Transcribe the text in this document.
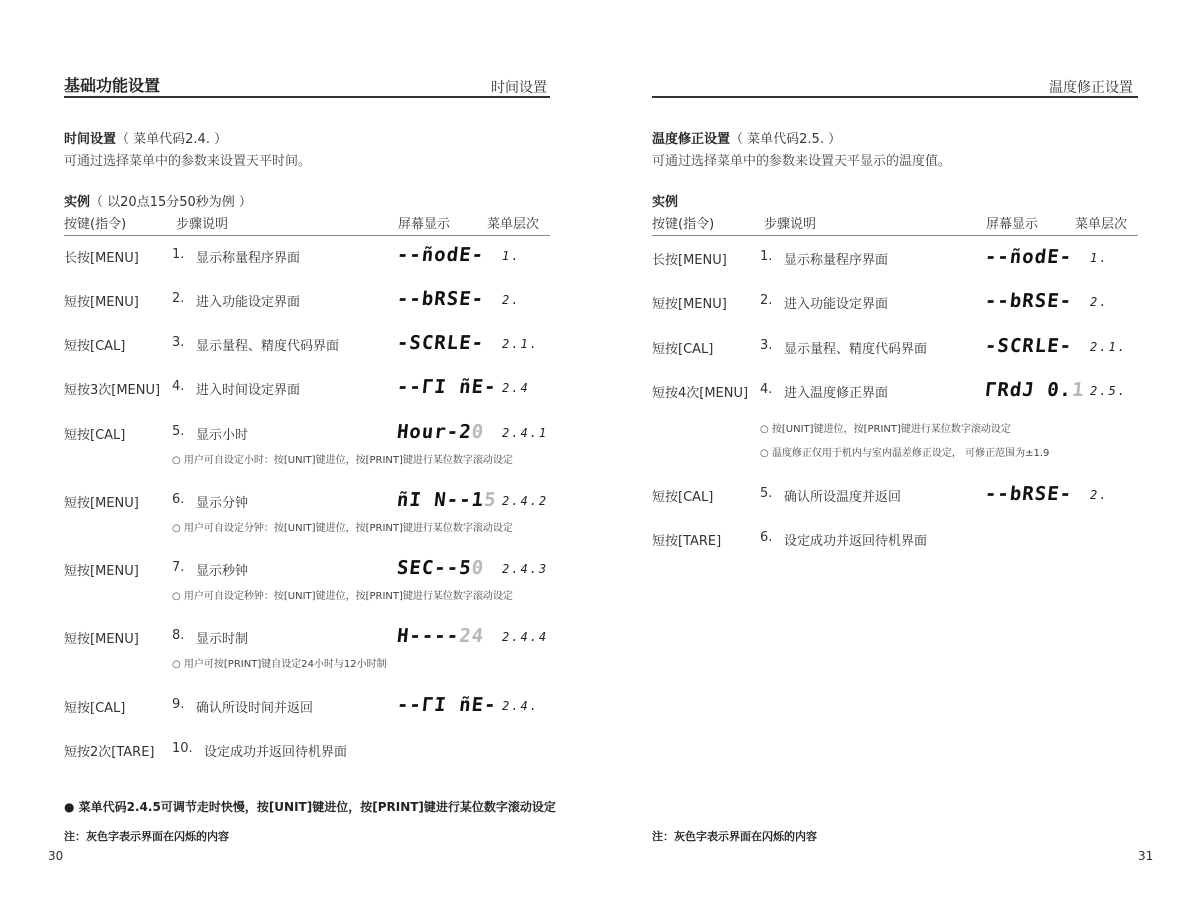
基础功能设置	时间设置
时间设置（ 菜单代码2.4. ）
可通过选择菜单中的参数来设置天平时间。
实例（ 以20点15分50秒为例 ）
按键(指令)	步骤说明	屏幕显示	菜单层次
长按[MENU]	1. 显示称量程序界面	--ñodE- 1.
短按[MENU]	2. 进入功能设定界面	--bRSE- 2.
短按[CAL]	3. 显示量程、精度代码界面	-SCRLE- 2.1.
短按3次[MENU] 4. 进入时间设定界面	--ΓI ñE- 2.4
短按[CAL]	5. 显示小时	Hour-20 2.4.1
○ 用户可自设定小时：按[UNIT]键进位，按[PRINT]键进行某位数字滚动设定
短按[MENU]	6. 显示分钟	ñI N--15 2.4.2
○ 用户可自设定分钟：按[UNIT]键进位，按[PRINT]键进行某位数字滚动设定
短按[MENU]	7. 显示秒钟	SEC--50 2.4.3
○ 用户可自设定秒钟：按[UNIT]键进位，按[PRINT]键进行某位数字滚动设定
短按[MENU]	8. 显示时制	H----24 2.4.4
○ 用户可按[PRINT]键自设定24小时与12小时制
短按[CAL]	9. 确认所设时间并返回	--ΓI ñE- 2.4.
短按2次[TARE] 10. 设定成功并返回待机界面
● 菜单代码2.4.5可调节走时快慢，按[UNIT]键进位，按[PRINT]键进行某位数字滚动设定
注：灰色字表示界面在闪烁的内容
30
温度修正设置
温度修正设置（ 菜单代码2.5. ）
可通过选择菜单中的参数来设置天平显示的温度值。
实例
按键(指令)	步骤说明	屏幕显示	菜单层次
长按[MENU]	1. 显示称量程序界面	--ñodE- 1.
短按[MENU]	2. 进入功能设定界面	--bRSE- 2.
短按[CAL]	3. 显示量程、精度代码界面	-SCRLE- 2.1.
短按4次[MENU] 4. 进入温度修正界面	ΓRdJ 0.1 2.5.
○ 按[UNIT]键进位，按[PRINT]键进行某位数字滚动设定
○ 温度修正仅用于机内与室内温差修正设定， 可修正范围为±1.9
短按[CAL]	5. 确认所设温度并返回	--bRSE- 2.
短按[TARE]	6. 设定成功并返回待机界面
注：灰色字表示界面在闪烁的内容
31
